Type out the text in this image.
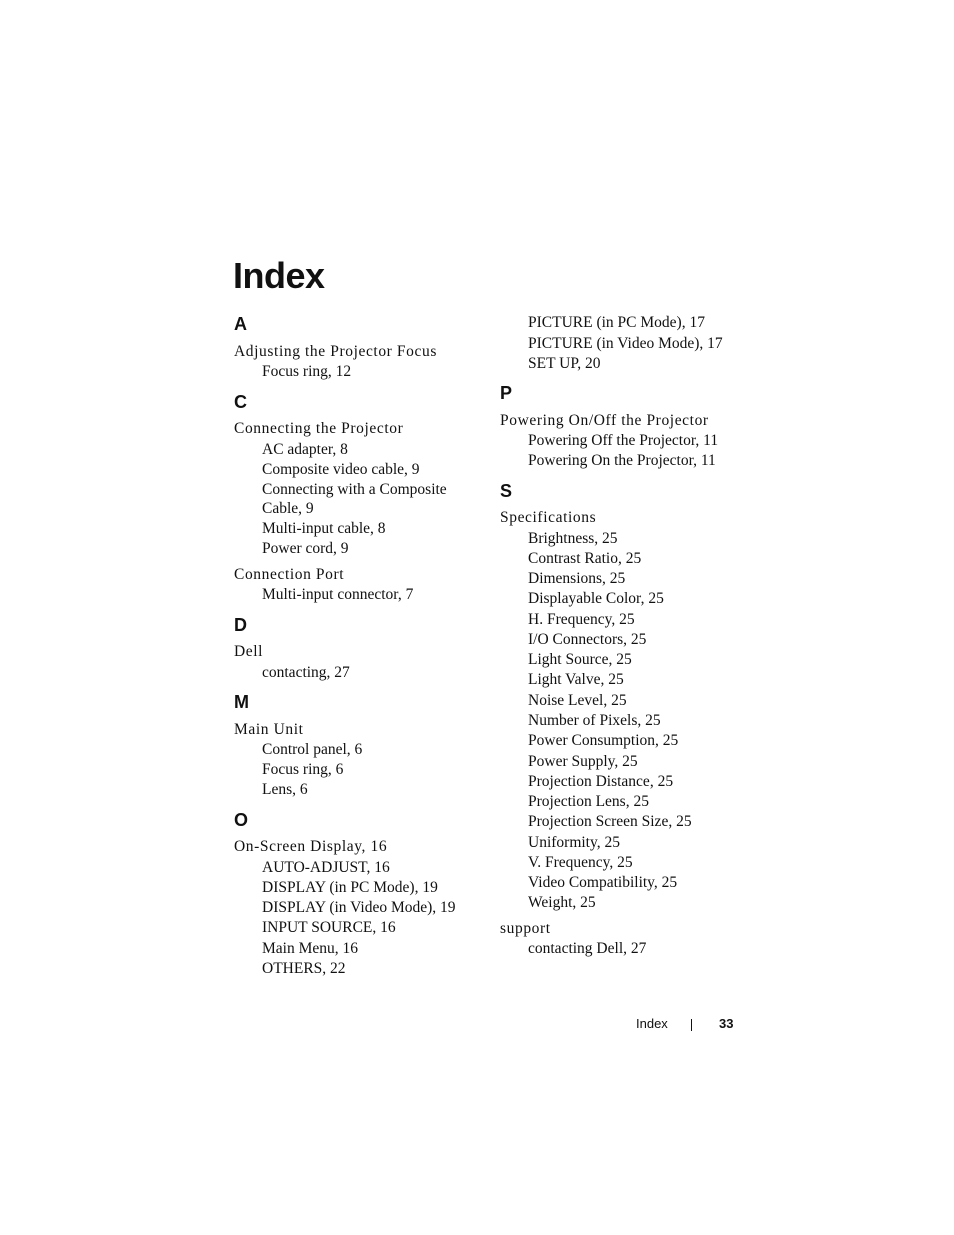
Index
A
Adjusting the Projector Focus
Focus ring, 12
C
Connecting the Projector
AC adapter, 8
Composite video cable, 9
Connecting with a Composite
Cable, 9
Multi-input cable, 8
Power cord, 9
Connection Port
Multi-input connector, 7
D
Dell
contacting, 27
M
Main Unit
Control panel, 6
Focus ring, 6
Lens, 6
O
On-Screen Display, 16
AUTO-ADJUST, 16
DISPLAY (in PC Mode), 19
DISPLAY (in Video Mode), 19
INPUT SOURCE, 16
Main Menu, 16
OTHERS, 22
PICTURE (in PC Mode), 17
PICTURE (in Video Mode), 17
SET UP, 20
P
Powering On/Off the Projector
Powering Off the Projector, 11
Powering On the Projector, 11
S
Specifications
Brightness, 25
Contrast Ratio, 25
Dimensions, 25
Displayable Color, 25
H. Frequency, 25
I/O Connectors, 25
Light Source, 25
Light Valve, 25
Noise Level, 25
Number of Pixels, 25
Power Consumption, 25
Power Supply, 25
Projection Distance, 25
Projection Lens, 25
Projection Screen Size, 25
Uniformity, 25
V. Frequency, 25
Video Compatibility, 25
Weight, 25
support
contacting Dell, 27
Index	33
